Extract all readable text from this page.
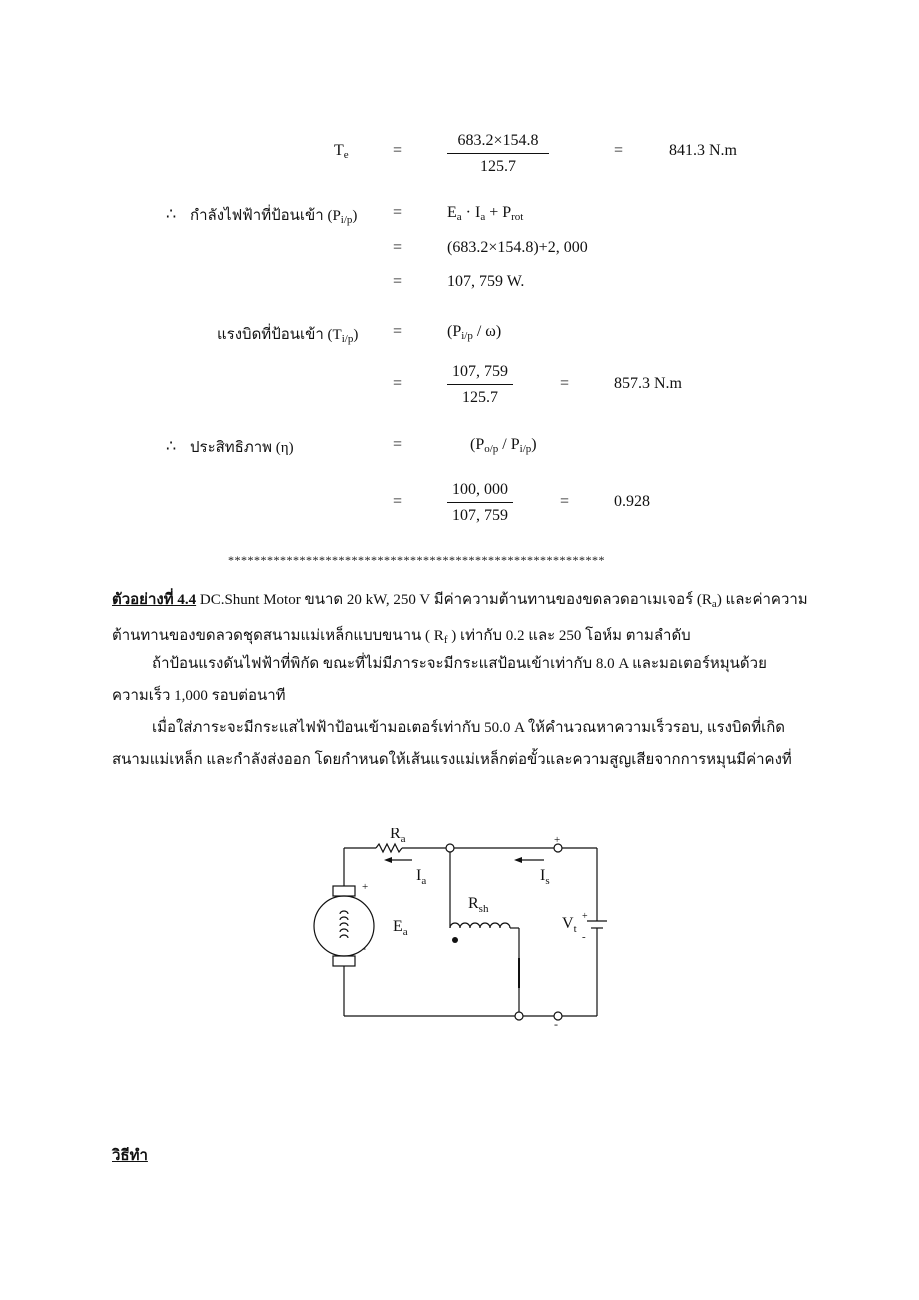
$T_e$	=	$\frac{683.2\times 154.8}{125.7}$	=	841.3 N.m
∴ กำลังไฟฟ้าที่ป้อนเข้า $(P_{i/p})$ =	$E_a \cdot I_a + P_{rot}$
=	(683.2×154.8)+2, 000
=	107, 759 W.
แรงบิดที่ป้อนเข้า $(T_{i/p})$ =	$(P_{i/p} / \omega)$
=	$\frac{107, 759}{125.7}$	=	857.3 N.m
∴ ประสิทธิภาพ (η)	=	$(P_{o/p} / P_{i/p})$
=	$\frac{100, 000}{107, 759}$	=	0.928
**********************************************************
ตัวอย่างที่ 4.4 DC.Shunt Motor ขนาด 20 kW, 250 V มีค่าความต้านทานของขดลวดอาเมเจอร์ $(R_a)$ และค่าความต้านทานของขดลวดชุดสนามแม่เหล็กแบบขนาน ( $R_f$ ) เท่ากับ 0.2 และ 250 โอห์ม ตามลำดับ
ถ้าป้อนแรงดันไฟฟ้าที่พิกัด ขณะที่ไม่มีภาระจะมีกระแสป้อนเข้าเท่ากับ 8.0 A และมอเตอร์หมุนด้วยความเร็ว 1,000 รอบต่อนาที
เมื่อใส่ภาระจะมีกระแสไฟฟ้าป้อนเข้ามอเตอร์เท่ากับ 50.0 A ให้คำนวณหาความเร็วรอบ, แรงบิดที่เกิดสนามแม่เหล็ก และกำลังส่งออก โดยกำหนดให้เส้นแรงแม่เหล็กต่อขั้วและความสูญเสียจากการหมุนมีค่าคงที่
$R_a$
$I_a$	$I_s$
$R_{sh}$
$E_a$	$V_t$
+
-
+
-
+
-
วิธีทำ
